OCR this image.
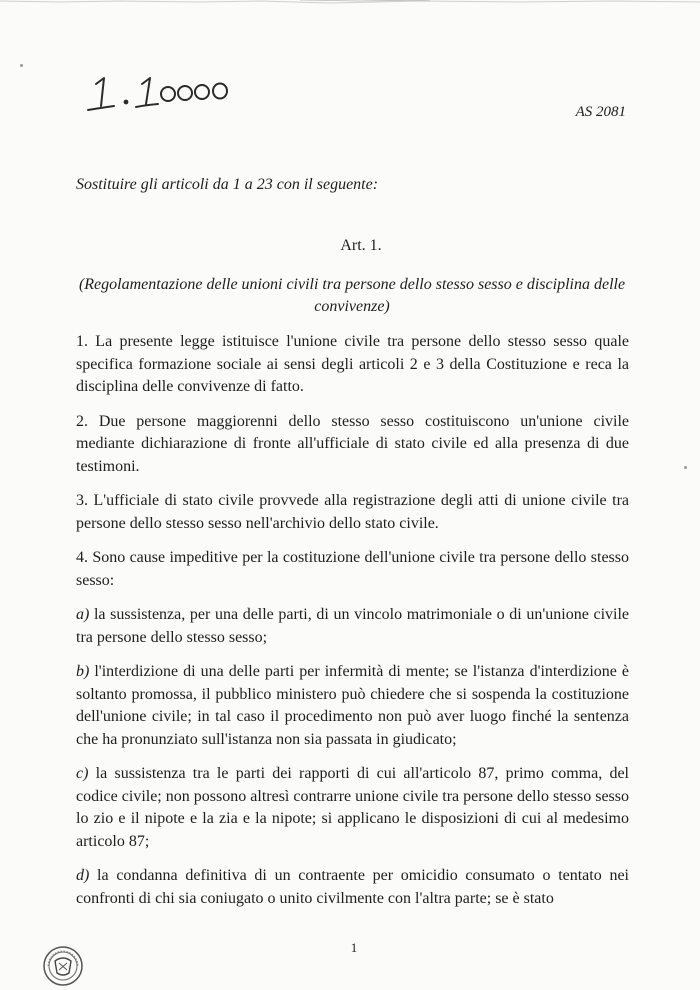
1.10000
AS 2081
Sostituire gli articoli da 1 a 23 con il seguente:
Art. 1.
(Regolamentazione delle unioni civili tra persone dello stesso sesso e disciplina delle convivenze)

1. La presente legge istituisce l'unione civile tra persone dello stesso sesso quale specifica formazione sociale ai sensi degli articoli 2 e 3 della Costituzione e reca la disciplina delle convivenze di fatto.

2. Due persone maggiorenni dello stesso sesso costituiscono un'unione civile mediante dichiarazione di fronte all'ufficiale di stato civile ed alla presenza di due testimoni.

3. L'ufficiale di stato civile provvede alla registrazione degli atti di unione civile tra persone dello stesso sesso nell'archivio dello stato civile.

4. Sono cause impeditive per la costituzione dell'unione civile tra persone dello stesso sesso:

a) la sussistenza, per una delle parti, di un vincolo matrimoniale o di un'unione civile tra persone dello stesso sesso;

b) l'interdizione di una delle parti per infermità di mente; se l'istanza d'interdizione è soltanto promossa, il pubblico ministero può chiedere che si sospenda la costituzione dell'unione civile; in tal caso il procedimento non può aver luogo finché la sentenza che ha pronunziato sull'istanza non sia passata in giudicato;

c) la sussistenza tra le parti dei rapporti di cui all'articolo 87, primo comma, del codice civile; non possono altresì contrarre unione civile tra persone dello stesso sesso lo zio e il nipote e la zia e la nipote; si applicano le disposizioni di cui al medesimo articolo 87;

d) la condanna definitiva di un contraente per omicidio consumato o tentato nei confronti di chi sia coniugato o unito civilmente con l'altra parte; se è stato

1
